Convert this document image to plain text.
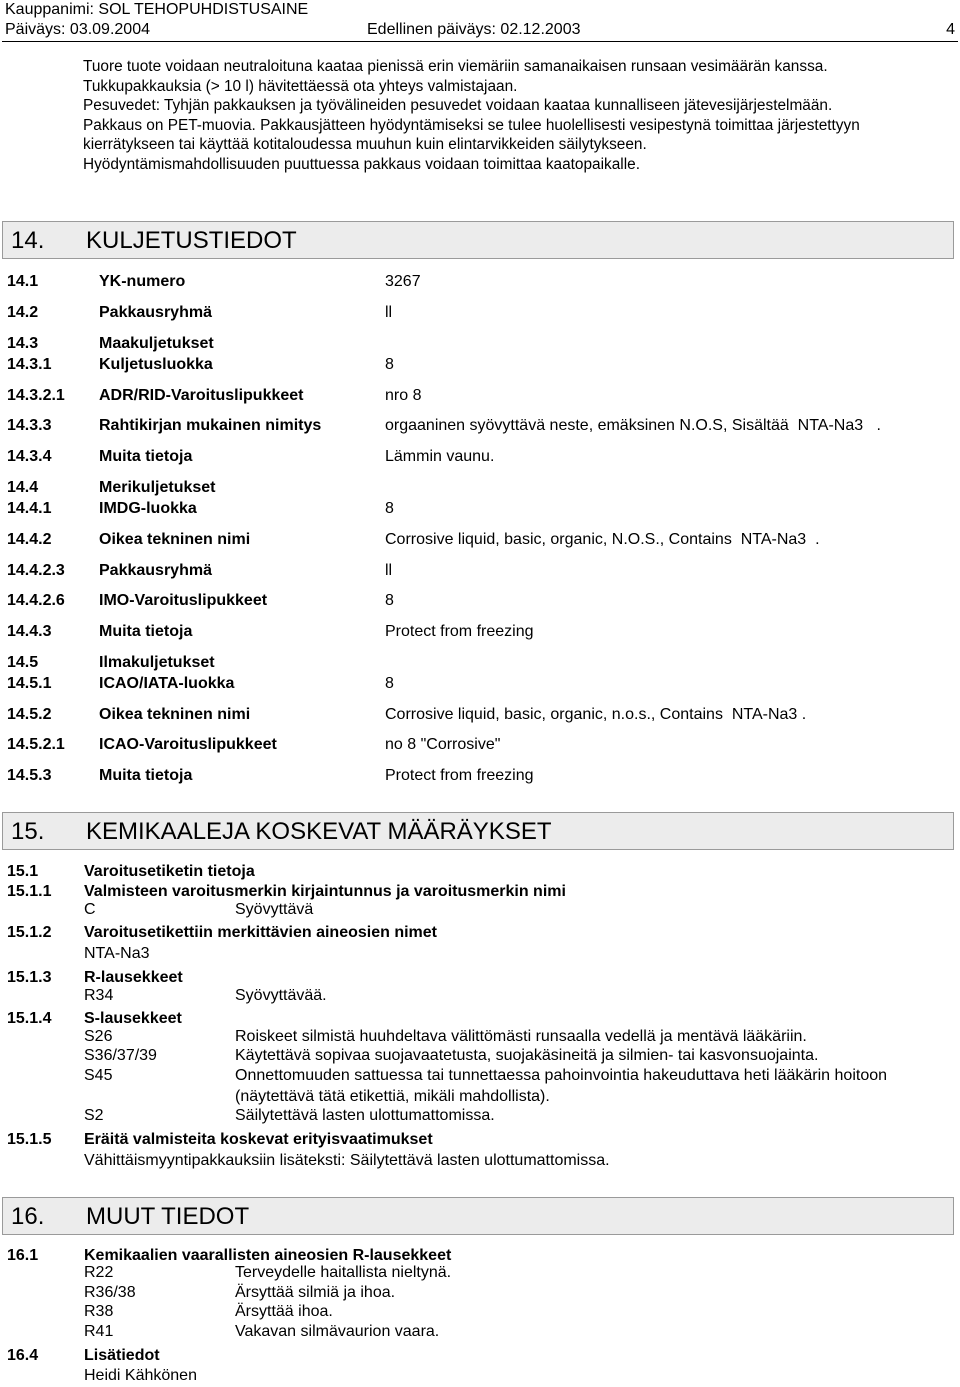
Kauppanimi: SOL TEHOPUHDISTUSAINE
Päiväys: 03.09.2004	Edellinen päiväys: 02.12.2003	4

Tuore tuote voidaan neutraloituna kaataa pienissä erin viemäriin samanaikaisen runsaan vesimäärän kanssa.

Tukkupakkauksia (> 10 l) hävitettäessä ota yhteys valmistajaan.

Pesuvedet: Tyhjän pakkauksen ja työvälineiden pesuvedet voidaan kaataa kunnalliseen jätevesijärjestelmään.

Pakkaus on PET-muovia. Pakkausjätteen hyödyntämiseksi se tulee huolellisesti vesipestynä toimittaa järjestettyyn kierrätykseen tai käyttää kotitaloudessa muuhun kuin elintarvikkeiden säilytykseen.

Hyödyntämismahdollisuuden puuttuessa pakkaus voidaan toimittaa kaatopaikalle.

14. KULJETUSTIEDOT
14.1	YK-numero	3267
14.2	Pakkausryhmä	ll
14.3	Maakuljetukset
14.3.1	Kuljetusluokka	8
14.3.2.1 ADR/RID-Varoituslipukkeet	nro 8
14.3.3	Rahtikirjan mukainen nimitys	orgaaninen syövyttävä neste, emäksinen N.O.S, Sisältää  NTA-Na3   .
14.3.4	Muita tietoja	Lämmin vaunu.
14.4	Merikuljetukset
14.4.1	IMDG-luokka	8
14.4.2	Oikea tekninen nimi	Corrosive liquid, basic, organic, N.O.S., Contains  NTA-Na3  .
14.4.2.3 Pakkausryhmä	ll
14.4.2.6 IMO-Varoituslipukkeet	8
14.4.3	Muita tietoja	Protect from freezing
14.5	Ilmakuljetukset
14.5.1	ICAO/IATA-luokka	8
14.5.2	Oikea tekninen nimi	Corrosive liquid, basic, organic, n.o.s., Contains  NTA-Na3 .
14.5.2.1 ICAO-Varoituslipukkeet	no 8 "Corrosive"
14.5.3	Muita tietoja	Protect from freezing
15. KEMIKAALEJA KOSKEVAT MÄÄRÄYKSET
15.1	Varoitusetiketin tietoja
15.1.1 Valmisteen varoitusmerkin kirjaintunnus ja varoitusmerkin nimi
C	Syövyttävä
15.1.2 Varoitusetikettiin merkittävien aineosien nimet
NTA-Na3
15.1.3 R-lausekkeet
R34	Syövyttävää.
15.1.4 S-lausekkeet
S26	Roiskeet silmistä huuhdeltava välittömästi runsaalla vedellä ja mentävä lääkäriin.
S36/37/39	Käytettävä sopivaa suojavaatetusta, suojakäsineitä ja silmien- tai kasvonsuojainta.
S45	Onnettomuuden sattuessa tai tunnettaessa pahoinvointia hakeuduttava heti lääkärin hoitoon (näytettävä tätä etikettiä, mikäli mahdollista).
S2	Säilytettävä lasten ulottumattomissa.
15.1.5 Eräitä valmisteita koskevat erityisvaatimukset
Vähittäismyyntipakkauksiin lisäteksti: Säilytettävä lasten ulottumattomissa.
16. MUUT TIEDOT
16.1	Kemikaalien vaarallisten aineosien R-lausekkeet
R22	Terveydelle haitallista nieltynä.
R36/38	Ärsyttää silmiä ja ihoa.
R38	Ärsyttää ihoa.
R41	Vakavan silmävaurion vaara.
16.4	Lisätiedot
Heidi Kähkönen
